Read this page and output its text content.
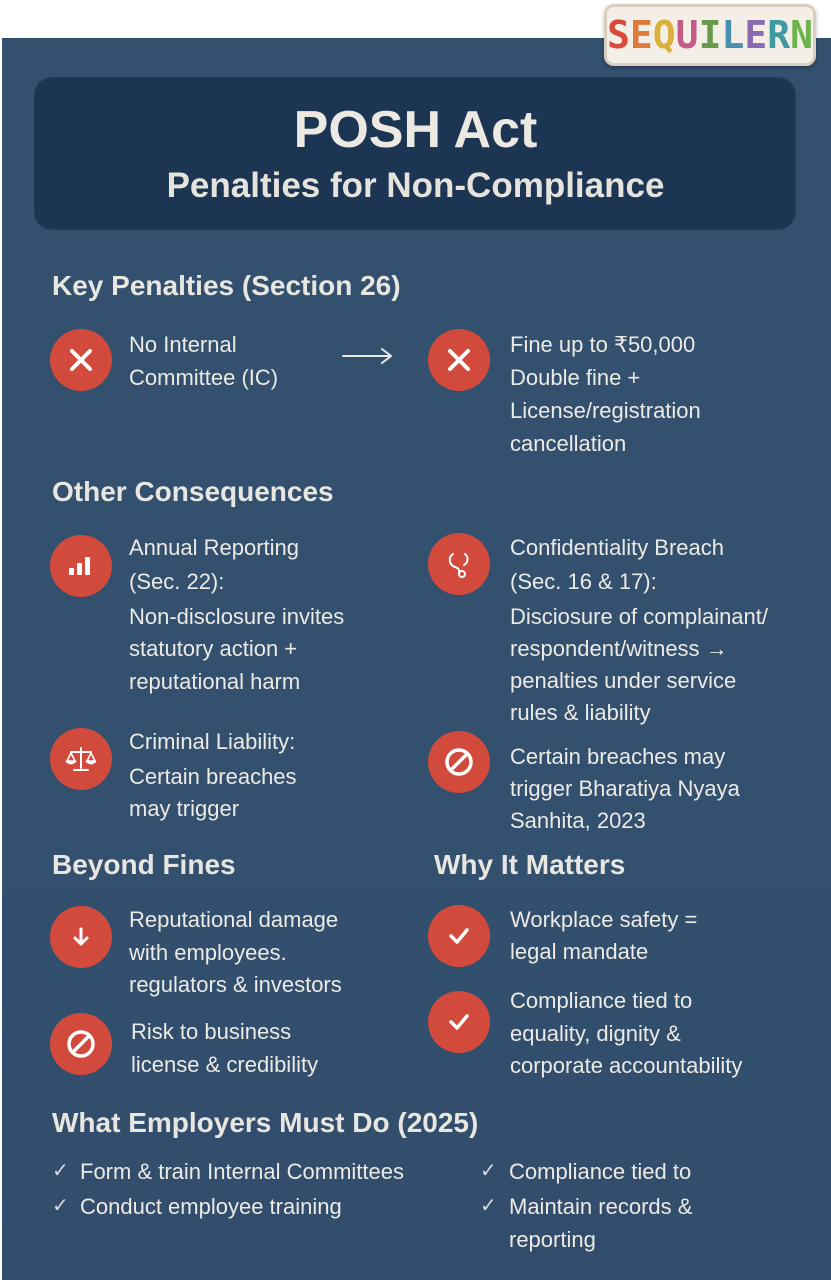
S E Q U I L E R N
POSH Act
Penalties for Non-Compliance
Key Penalties (Section 26)
No Internal
Committee (IC)
Fine up to ₹50,000
Double fine +
License/registration
cancellation
Other Consequences
Annual Reporting
(Sec. 22):
Non-disclosure invites
statutory action +
reputational harm
Confidentiality Breach
(Sec. 16 & 17):
Disciosure of complainant/
respondent/witness →
penalties under service
rules & liability
Criminal Liability:
Certain breaches
may trigger
Certain breaches may
trigger Bharatiya Nyaya
Sanhita, 2023
Beyond Fines
Reputational damage
with employees.
regulators & investors
Risk to business
license & credibility
Why It Matters
Workplace safety =
legal mandate
Compliance tied to
equality, dignity &
corporate accountability
What Employers Must Do (2025)
✓ Form & train Internal Committees
✓ Conduct employee training
✓ Compliance tied to
✓ Maintain records &
reporting
